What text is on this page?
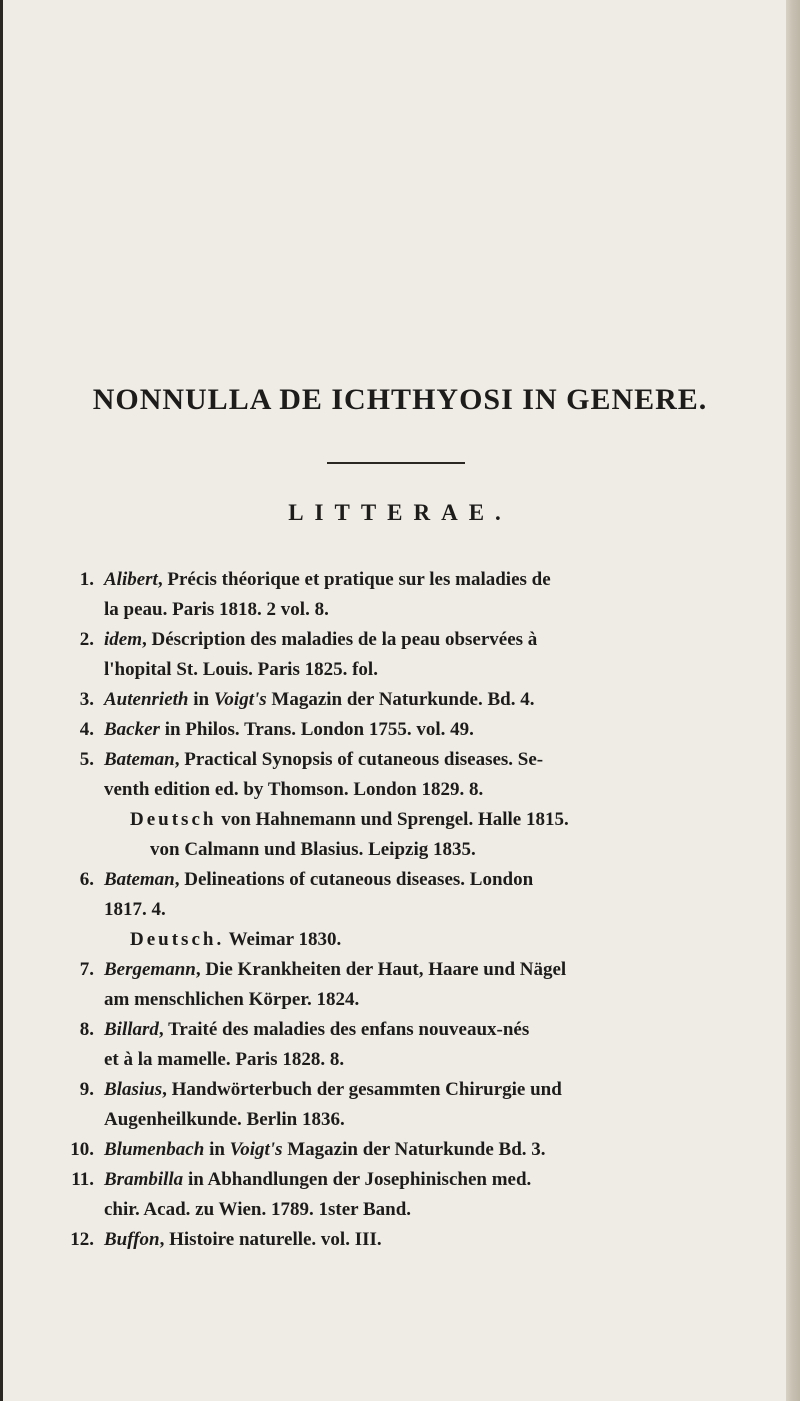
NONNULLA DE ICHTHYOSI IN GENERE.
LITTERAE.
1. Alibert, Précis théorique et pratique sur les maladies de
la peau. Paris 1818. 2 vol. 8.
2. idem, Déscription des maladies de la peau observées à
l'hopital St. Louis. Paris 1825. fol.
3. Autenrieth in Voigt's Magazin der Naturkunde. Bd. 4.
4. Backer in Philos. Trans. London 1755. vol. 49.
5. Bateman, Practical Synopsis of cutaneous diseases. Se-
venth edition ed. by Thomson. London 1829. 8.
Deutsch von Hahnemann und Sprengel. Halle 1815.
von Calmann und Blasius. Leipzig 1835.
6. Bateman, Delineations of cutaneous diseases. London
1817. 4.
Deutsch. Weimar 1830.
7. Bergemann, Die Krankheiten der Haut, Haare und Nägel
am menschlichen Körper. 1824.
8. Billard, Traité des maladies des enfans nouveaux-nés
et à la mamelle. Paris 1828. 8.
9. Blasius, Handwörterbuch der gesammten Chirurgie und
Augenheilkunde. Berlin 1836.
10. Blumenbach in Voigt's Magazin der Naturkunde Bd. 3.
11. Brambilla in Abhandlungen der Josephinischen med.
chir. Acad. zu Wien. 1789. 1ster Band.
12. Buffon, Histoire naturelle. vol. III.
